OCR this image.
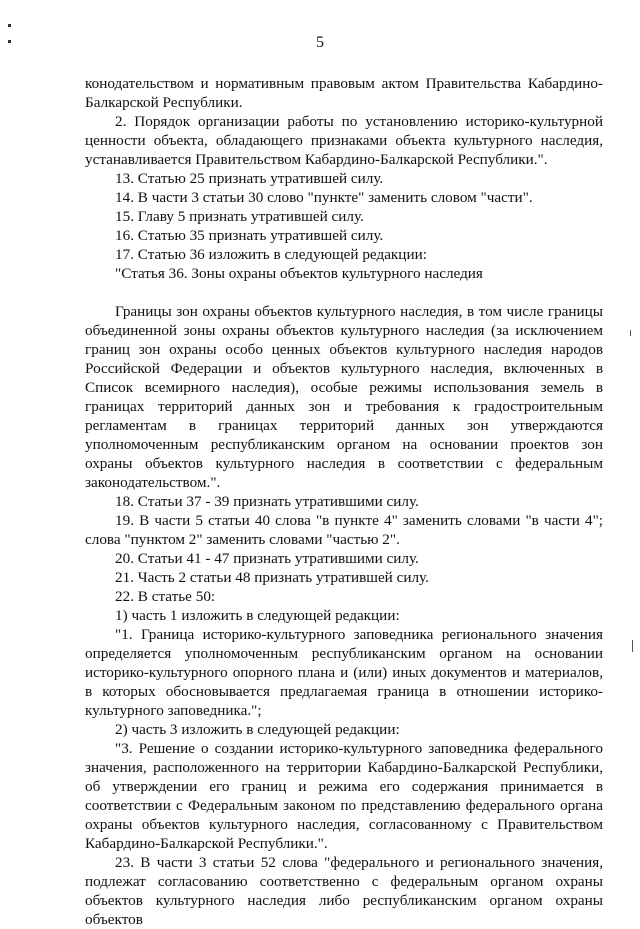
5

конодательством и нормативным правовым актом Правительства Кабардино-Балкарской Республики.

2. Порядок организации работы по установлению историко-культурной ценности объекта, обладающего признаками объекта культурного наследия, устанавливается Правительством Кабардино-Балкарской Республики.".

13. Статью 25 признать утратившей силу.

14. В части 3 статьи 30 слово "пункте" заменить словом "части".

15. Главу 5 признать утратившей силу.

16. Статью 35 признать утратившей силу.

17. Статью 36 изложить в следующей редакции:

"Статья 36. Зоны охраны объектов культурного наследия

Границы зон охраны объектов культурного наследия, в том числе границы объединенной зоны охраны объектов культурного наследия (за исключением границ зон охраны особо ценных объектов культурного наследия народов Российской Федерации и объектов культурного наследия, включенных в Список всемирного наследия), особые режимы использования земель в границах территорий данных зон и требования к градостроительным регламентам в границах территорий данных зон утверждаются уполномоченным республиканским органом на основании проектов зон охраны объектов культурного наследия в соответствии с федеральным законодательством.".

18. Статьи 37 - 39 признать утратившими силу.

19. В части 5 статьи 40 слова "в пункте 4" заменить словами "в части 4"; слова "пунктом 2" заменить словами "частью 2".

20. Статьи 41 - 47 признать утратившими силу.

21. Часть 2 статьи 48 признать утратившей силу.

22. В статье 50:

1) часть 1 изложить в следующей редакции:

"1. Граница историко-культурного заповедника регионального значения определяется уполномоченным республиканским органом на основании историко-культурного опорного плана и (или) иных документов и материалов, в которых обосновывается предлагаемая граница в отношении историко-культурного заповедника.";

2) часть 3 изложить в следующей редакции:

"3. Решение о создании историко-культурного заповедника федерального значения, расположенного на территории Кабардино-Балкарской Республики, об утверждении его границ и режима его содержания принимается в соответствии с Федеральным законом по представлению федерального органа охраны объектов культурного наследия, согласованному с Правительством Кабардино-Балкарской Республики.".

23. В части 3 статьи 52 слова "федерального и регионального значения, подлежат согласованию соответственно с федеральным органом охраны объектов культурного наследия либо республиканским органом охраны объектов
